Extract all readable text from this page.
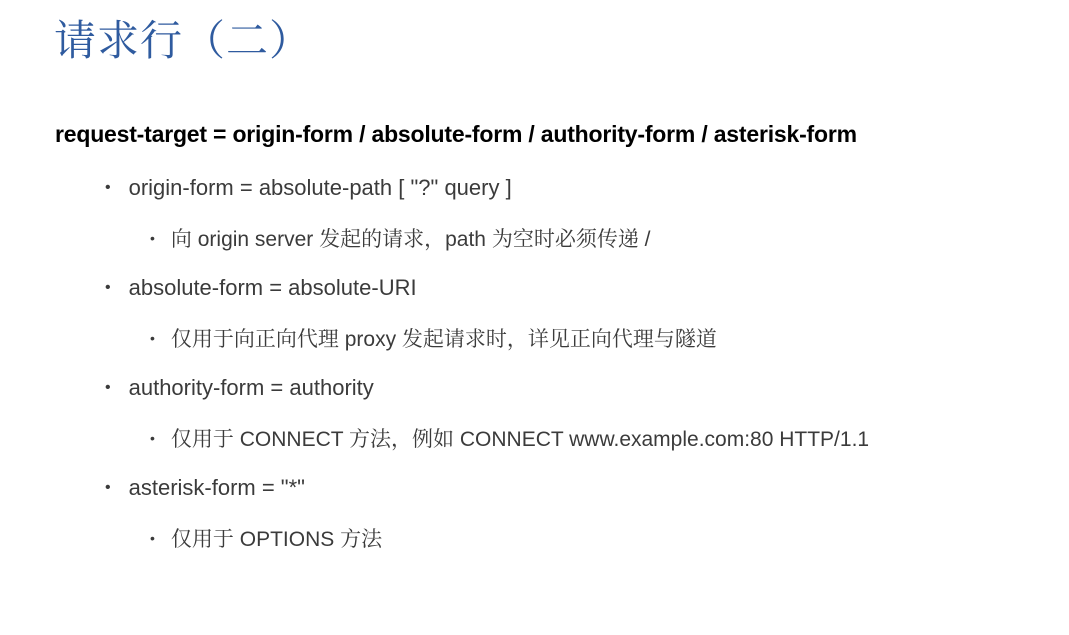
请求行（二）
request-target = origin-form / absolute-form / authority-form / asterisk-form
• origin-form = absolute-path [ "?" query ]
• 向 origin server 发起的请求，path 为空时必须传递 /
• absolute-form = absolute-URI
• 仅用于向正向代理 proxy 发起请求时，详见正向代理与隧道
• authority-form = authority
• 仅用于 CONNECT 方法，例如 CONNECT www.example.com:80 HTTP/1.1
• asterisk-form = "*"
• 仅用于 OPTIONS 方法
